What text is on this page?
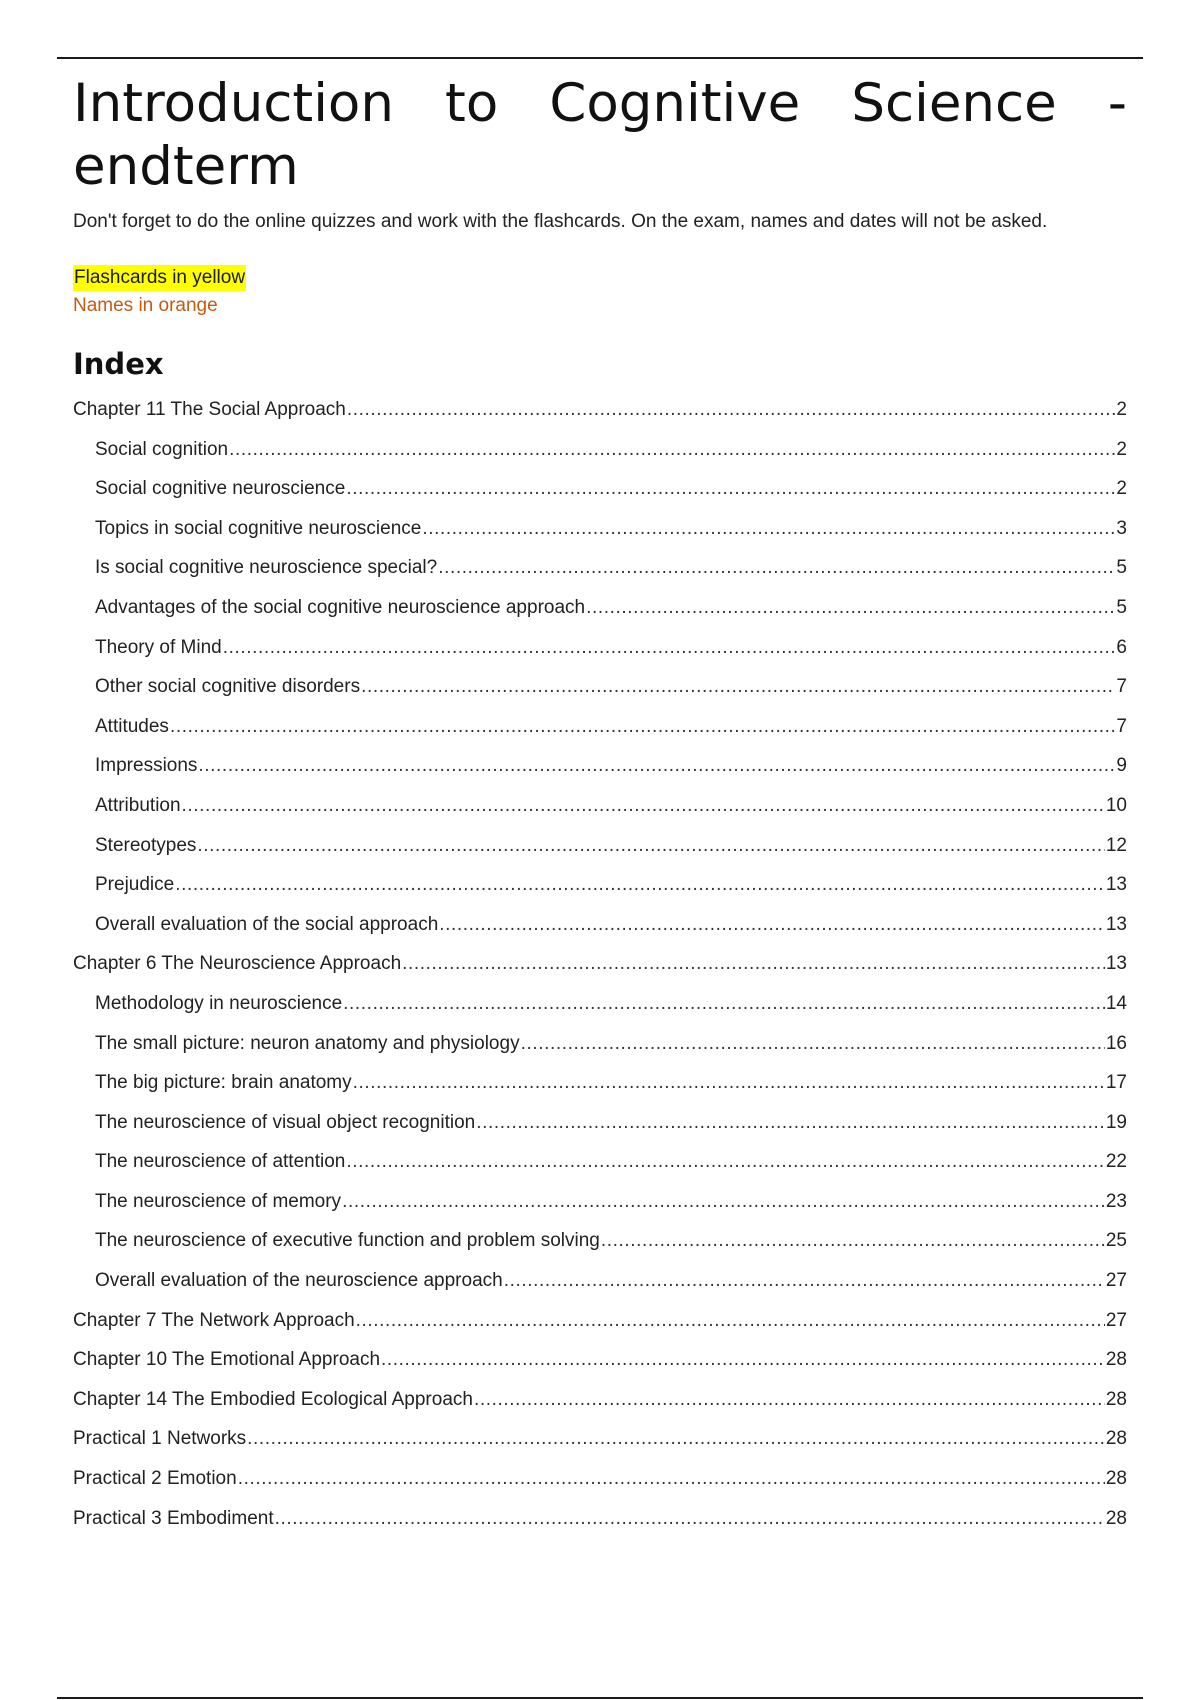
Introduction to Cognitive Science - endterm

Don't forget to do the online quizzes and work with the flashcards. On the exam, names and dates will not be asked.

Flashcards in yellow
Names in orange
Index
Chapter 11 The Social Approach .....	2
Social cognition .....	2
Social cognitive neuroscience .....	2
Topics in social cognitive neuroscience .....	3
Is social cognitive neuroscience special? .....	5
Advantages of the social cognitive neuroscience approach .....	5
Theory of Mind .....	6
Other social cognitive disorders .....	7
Attitudes .....	7
Impressions .....	9
Attribution .....	10
Stereotypes .....	12
Prejudice .....	13
Overall evaluation of the social approach .....	13
Chapter 6 The Neuroscience Approach .....	13
Methodology in neuroscience .....	14
The small picture: neuron anatomy and physiology .....	16
The big picture: brain anatomy .....	17
The neuroscience of visual object recognition .....	19
The neuroscience of attention .....	22
The neuroscience of memory .....	23
The neuroscience of executive function and problem solving .....	25
Overall evaluation of the neuroscience approach .....	27
Chapter 7 The Network Approach .....	27
Chapter 10 The Emotional Approach .....	28
Chapter 14 The Embodied Ecological Approach .....	28
Practical 1 Networks .....	28
Practical 2 Emotion .....	28
Practical 3 Embodiment .....	28
